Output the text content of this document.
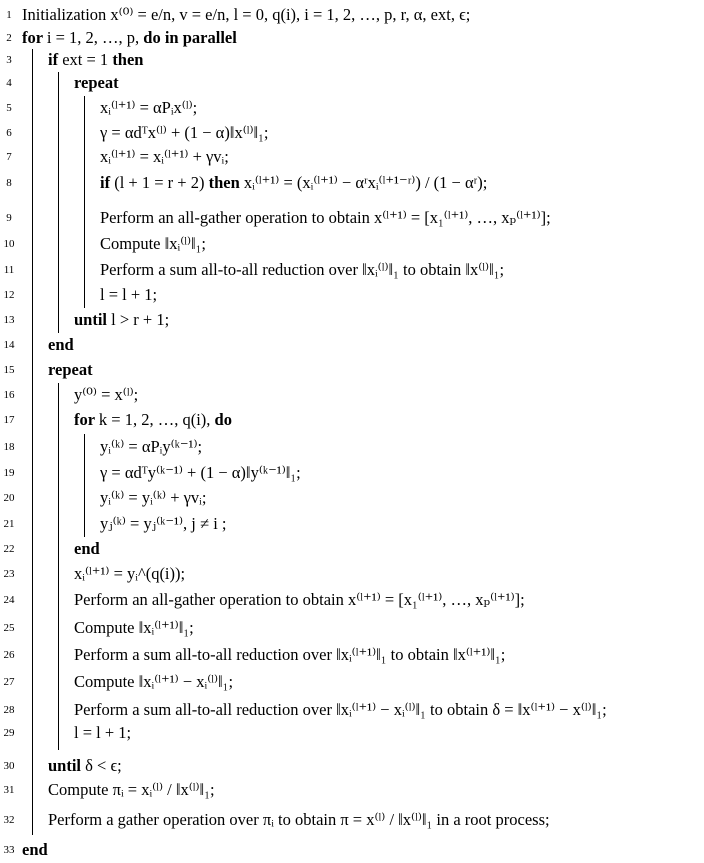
1 Initialization x⁽⁰⁾ = e/n, v = e/n, l = 0, q(i), i = 1, 2, …, p, r, α, ext, ϵ;
2 for i = 1, 2, …, p, do in parallel
3 if ext = 1 then
4	repeat
5	xᵢ⁽ˡ⁺¹⁾ = αPᵢx⁽ˡ⁾;
6	γ = αdᵀx⁽ˡ⁾ + (1 − α)‖x⁽ˡ⁾‖₁;
7	xᵢ⁽ˡ⁺¹⁾ = xᵢ⁽ˡ⁺¹⁾ + γvᵢ;
8	if (l + 1 = r + 2) then xᵢ⁽ˡ⁺¹⁾ = (xᵢ⁽ˡ⁺¹⁾ − αʳxᵢ⁽ˡ⁺¹⁻ʳ⁾) / (1 − αʳ);
9	Perform an all-gather operation to obtain x⁽ˡ⁺¹⁾ = [x₁⁽ˡ⁺¹⁾, …, xₚ⁽ˡ⁺¹⁾];
10	Compute ‖xᵢ⁽ˡ⁾‖₁;
11	Perform a sum all-to-all reduction over ‖xᵢ⁽ˡ⁾‖₁ to obtain ‖x⁽ˡ⁾‖₁;
12	l = l + 1;
13	until l > r + 1;
14 end
15 repeat
16	y⁽⁰⁾ = x⁽ˡ⁾;
17	for k = 1, 2, …, q(i), do
18	yᵢ⁽ᵏ⁾ = αPᵢy⁽ᵏ⁻¹⁾;
19	γ = αdᵀy⁽ᵏ⁻¹⁾ + (1 − α)‖y⁽ᵏ⁻¹⁾‖₁;
20	yᵢ⁽ᵏ⁾ = yᵢ⁽ᵏ⁾ + γvᵢ;
21	yⱼ⁽ᵏ⁾ = yⱼ⁽ᵏ⁻¹⁾, j ≠ i ;
22	end
23	xᵢ⁽ˡ⁺¹⁾ = yᵢ^(q(i));
24	Perform an all-gather operation to obtain x⁽ˡ⁺¹⁾ = [x₁⁽ˡ⁺¹⁾, …, xₚ⁽ˡ⁺¹⁾];
25	Compute ‖xᵢ⁽ˡ⁺¹⁾‖₁;
26	Perform a sum all-to-all reduction over ‖xᵢ⁽ˡ⁺¹⁾‖₁ to obtain ‖x⁽ˡ⁺¹⁾‖₁;
27	Compute ‖xᵢ⁽ˡ⁺¹⁾ − xᵢ⁽ˡ⁾‖₁;
28	Perform a sum all-to-all reduction over ‖xᵢ⁽ˡ⁺¹⁾ − xᵢ⁽ˡ⁾‖₁ to obtain δ = ‖x⁽ˡ⁺¹⁾ − x⁽ˡ⁾‖₁;
29	l = l + 1;
30 until δ < ϵ;
31 Compute πᵢ = xᵢ⁽ˡ⁾ / ‖x⁽ˡ⁾‖₁;
32 Perform a gather operation over πᵢ to obtain π = x⁽ˡ⁾ / ‖x⁽ˡ⁾‖₁ in a root process;
33 end
